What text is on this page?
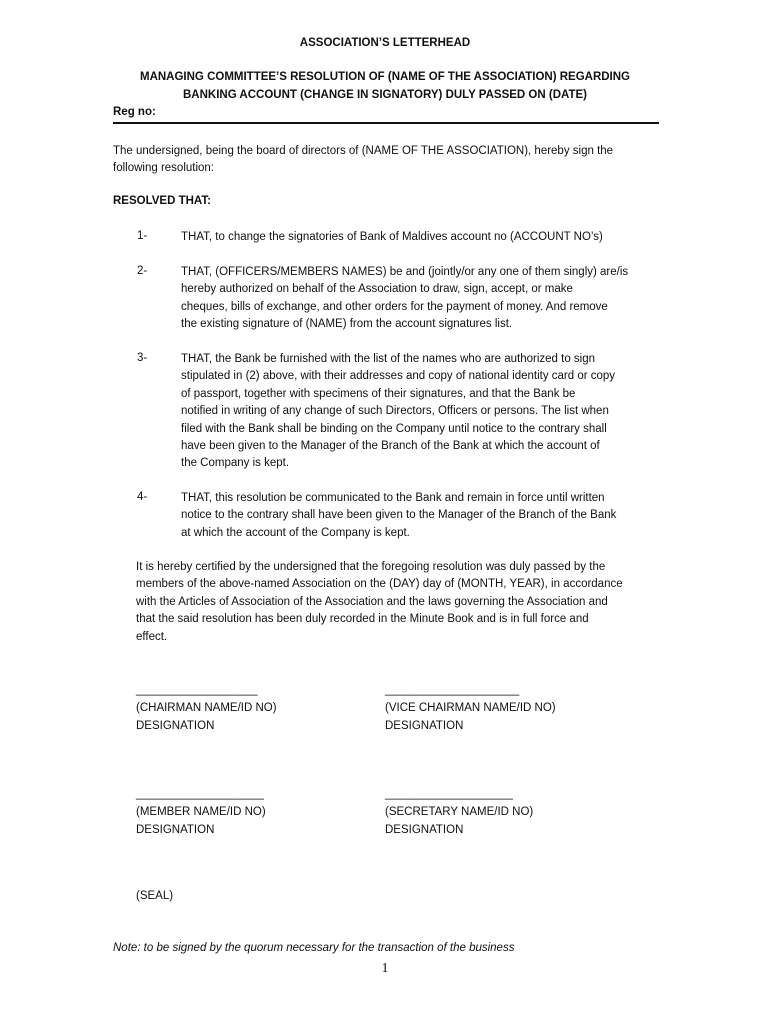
ASSOCIATION’S LETTERHEAD
MANAGING COMMITTEE’S RESOLUTION OF (NAME OF THE ASSOCIATION) REGARDING
BANKING ACCOUNT (CHANGE IN SIGNATORY) DULY PASSED ON (DATE)
Reg no:
The undersigned, being the board of directors of (NAME OF THE ASSOCIATION), hereby sign the
following resolution:
RESOLVED THAT:
1-	THAT, to change the signatories of Bank of Maldives account no (ACCOUNT NO’s)
2-	THAT, (OFFICERS/MEMBERS NAMES) be and (jointly/or any one of them singly) are/is
hereby authorized on behalf of the Association to draw, sign, accept, or make
cheques, bills of exchange, and other orders for the payment of money. And remove
the existing signature of (NAME) from the account signatures list.
3-	THAT, the Bank be furnished with the list of the names who are authorized to sign
stipulated in (2) above, with their addresses and copy of national identity card or copy
of passport, together with specimens of their signatures, and that the Bank be
notified in writing of any change of such Directors, Officers or persons. The list when
filed with the Bank shall be binding on the Company until notice to the contrary shall
have been given to the Manager of the Branch of the Bank at which the account of
the Company is kept.
4-	THAT, this resolution be communicated to the Bank and remain in force until written
notice to the contrary shall have been given to the Manager of the Branch of the Bank
at which the account of the Company is kept.
It is hereby certified by the undersigned that the foregoing resolution was duly passed by the
members of the above-named Association on the (DAY) day of (MONTH, YEAR), in accordance
with the Articles of Association of the Association and the laws governing the Association and
that the said resolution has been duly recorded in the Minute Book and is in full force and
effect.
___________________
(CHAIRMAN NAME/ID NO)
DESIGNATION
_____________________
(VICE CHAIRMAN NAME/ID NO)
DESIGNATION
____________________
(MEMBER NAME/ID NO)
DESIGNATION
____________________
(SECRETARY NAME/ID NO)
DESIGNATION
(SEAL)
Note: to be signed by the quorum necessary for the transaction of the business
1
